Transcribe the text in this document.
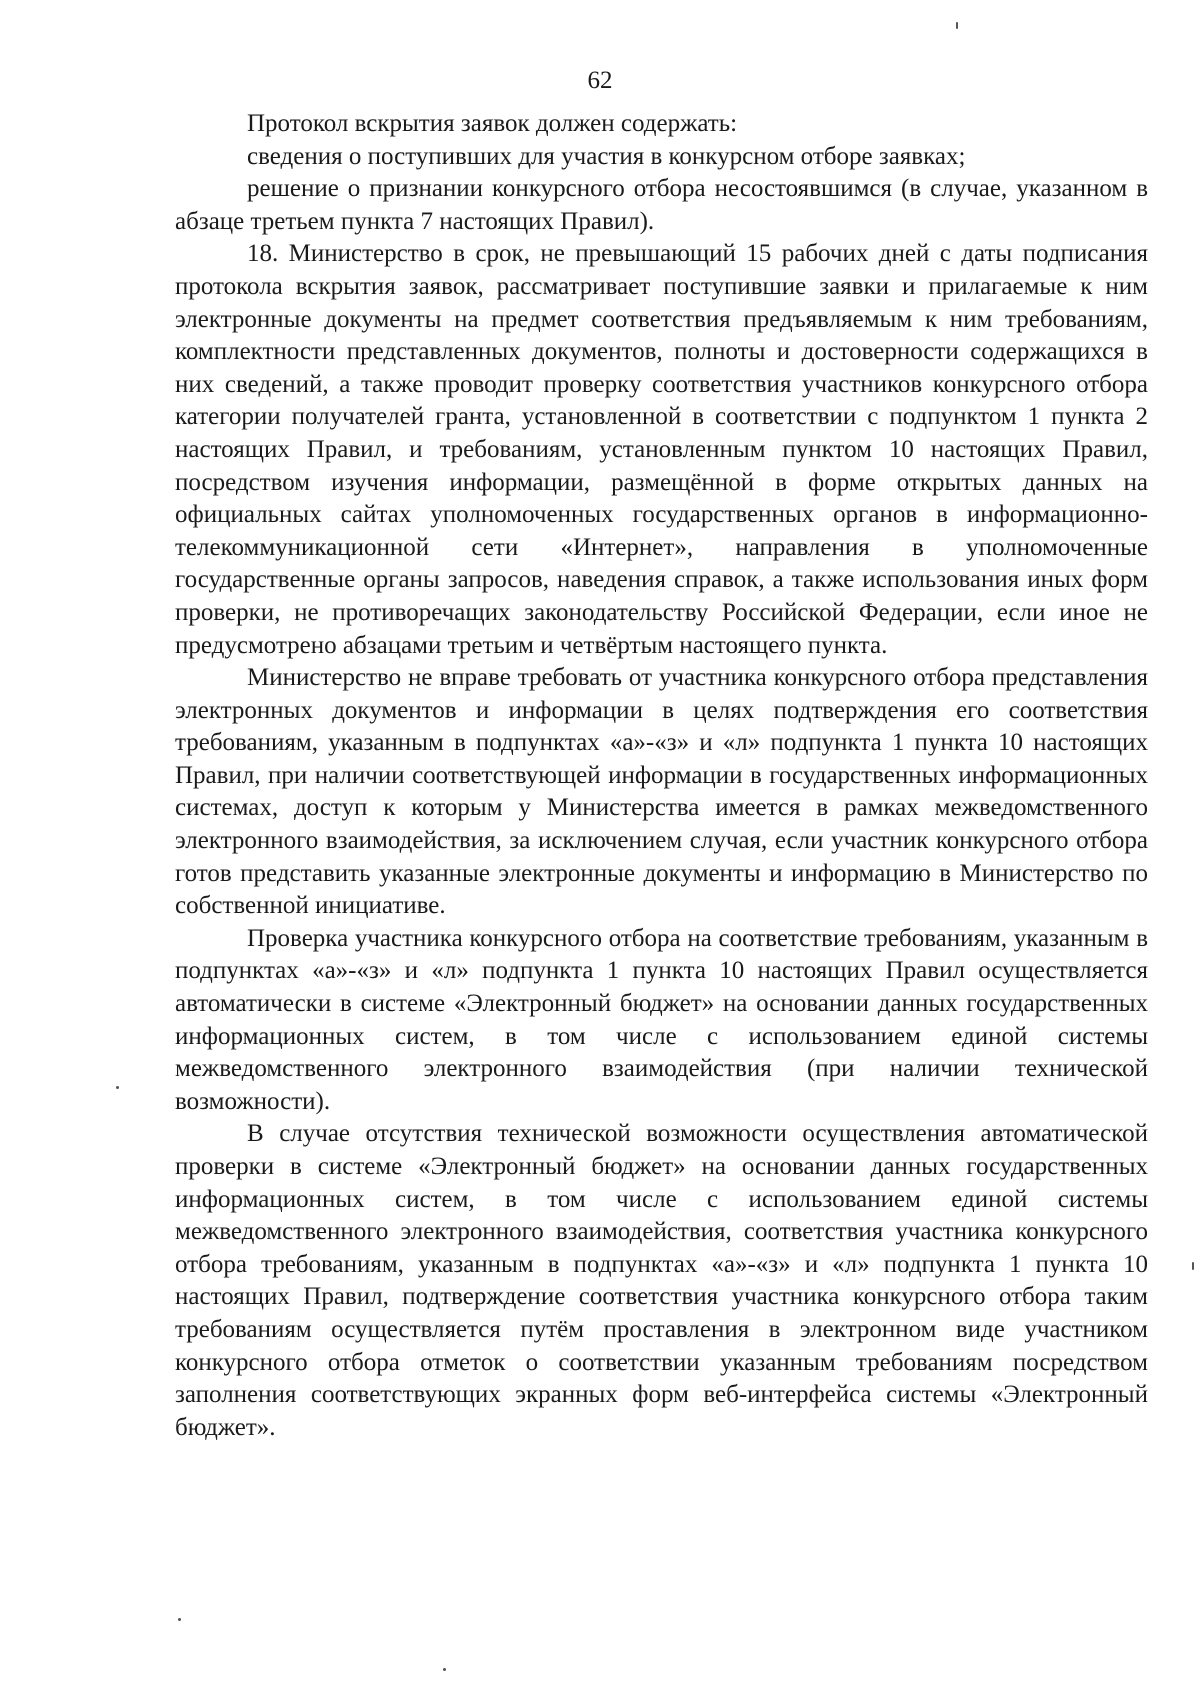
62

Протокол вскрытия заявок должен содержать:

сведения о поступивших для участия в конкурсном отборе заявках;

решение о признании конкурсного отбора несостоявшимся (в случае, указанном в абзаце третьем пункта 7 настоящих Правил).

18. Министерство в срок, не превышающий 15 рабочих дней с даты подписания протокола вскрытия заявок, рассматривает поступившие заявки и прилагаемые к ним электронные документы на предмет соответствия предъявляемым к ним требованиям, комплектности представленных документов, полноты и достоверности содержащихся в них сведений, а также проводит проверку соответствия участников конкурсного отбора категории получателей гранта, установленной в соответствии с подпунктом 1 пункта 2 настоящих Правил, и требованиям, установленным пунктом 10 настоящих Правил, посредством изучения информации, размещённой в форме открытых данных на официальных сайтах уполномоченных государственных органов в информационно-телекоммуникационной сети «Интернет», направления в уполномоченные государственные органы запросов, наведения справок, а также использования иных форм проверки, не противоречащих законодательству Российской Федерации, если иное не предусмотрено абзацами третьим и четвёртым настоящего пункта.

Министерство не вправе требовать от участника конкурсного отбора представления электронных документов и информации в целях подтверждения его соответствия требованиям, указанным в подпунктах «а»-«з» и «л» подпункта 1 пункта 10 настоящих Правил, при наличии соответствующей информации в государственных информационных системах, доступ к которым у Министерства имеется в рамках межведомственного электронного взаимодействия, за исключением случая, если участник конкурсного отбора готов представить указанные электронные документы и информацию в Министерство по собственной инициативе.

Проверка участника конкурсного отбора на соответствие требованиям, указанным в подпунктах «а»-«з» и «л» подпункта 1 пункта 10 настоящих Правил осуществляется автоматически в системе «Электронный бюджет» на основании данных государственных информационных систем, в том числе с использованием единой системы межведомственного электронного взаимодействия (при наличии технической возможности).

В случае отсутствия технической возможности осуществления автоматической проверки в системе «Электронный бюджет» на основании данных государственных информационных систем, в том числе с использованием единой системы межведомственного электронного взаимодействия, соответствия участника конкурсного отбора требованиям, указанным в подпунктах «а»-«з» и «л» подпункта 1 пункта 10 настоящих Правил, подтверждение соответствия участника конкурсного отбора таким требованиям осуществляется путём проставления в электронном виде участником конкурсного отбора отметок о соответствии указанным требованиям посредством заполнения соответствующих экранных форм веб-интерфейса системы «Электронный бюджет».
